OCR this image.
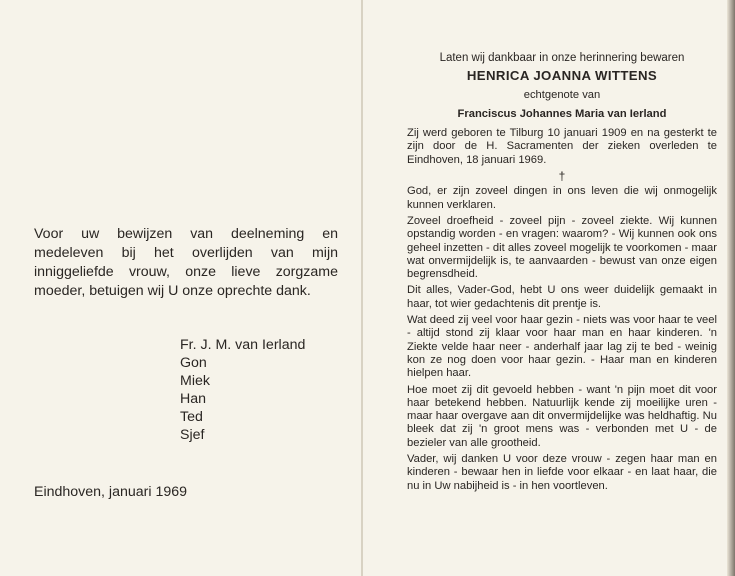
Voor uw bewijzen van deelneming en medeleven bij het overlijden van mijn inniggeliefde vrouw, onze lieve zorgzame moeder, betuigen wij U onze oprechte dank.

Fr. J. M. van Ierland
Gon
Miek
Han
Ted
Sjef
Eindhoven, januari 1969
Laten wij dankbaar in onze herinnering bewaren
HENRICA JOANNA WITTENS
echtgenote van
Franciscus Johannes Maria van Ierland
Zij werd geboren te Tilburg 10 januari 1909 en na gesterkt te zijn door de H. Sacramenten der zieken overleden te Eindhoven, 18 januari 1969.
†
God, er zijn zoveel dingen in ons leven die wij onmogelijk kunnen verklaren.
Zoveel droefheid - zoveel pijn - zoveel ziekte. Wij kunnen opstandig worden - en vragen: waarom? - Wij kunnen ook ons geheel inzetten - dit alles zoveel mogelijk te voorkomen - maar wat onvermijdelijk is, te aanvaarden - bewust van onze eigen begrensdheid.
Dit alles, Vader-God, hebt U ons weer duidelijk gemaakt in haar, tot wier gedachtenis dit prentje is.
Wat deed zij veel voor haar gezin - niets was voor haar te veel - altijd stond zij klaar voor haar man en haar kinderen. 'n Ziekte velde haar neer - anderhalf jaar lag zij te bed - weinig kon ze nog doen voor haar gezin. - Haar man en kinderen hielpen haar.
Hoe moet zij dit gevoeld hebben - want 'n pijn moet dit voor haar betekend hebben. Natuurlijk kende zij moeilijke uren - maar haar overgave aan dit onvermijdelijke was heldhaftig. Nu bleek dat zij 'n groot mens was - verbonden met U - de bezieler van alle grootheid.
Vader, wij danken U voor deze vrouw - zegen haar man en kinderen - bewaar hen in liefde voor elkaar - en laat haar, die nu in Uw nabijheid is - in hen voortleven.
